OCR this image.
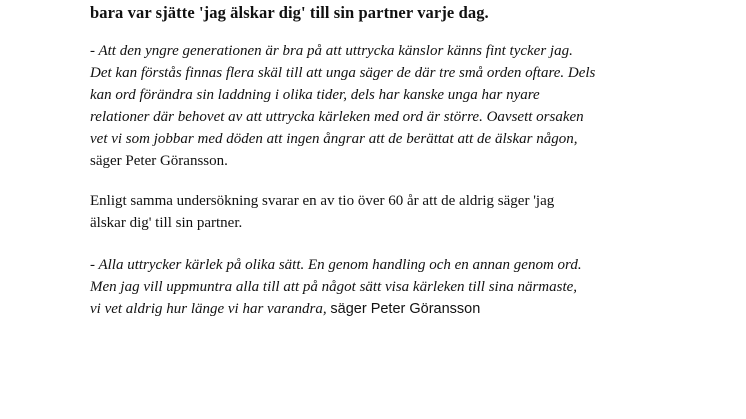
bara var sjätte 'jag älskar dig' till sin partner varje dag.

- Att den yngre generationen är bra på att uttrycka känslor känns fint tycker jag.
Det kan förstås finnas flera skäl till att unga säger de där tre små orden oftare. Dels
kan ord förändra sin laddning i olika tider, dels har kanske unga har nyare
relationer där behovet av att uttrycka kärleken med ord är större. Oavsett orsaken
vet vi som jobbar med döden att ingen ångrar att de berättat att de älskar någon,
säger Peter Göransson.

Enligt samma undersökning svarar en av tio över 60 år att de aldrig säger 'jag
älskar dig' till sin partner.

- Alla uttrycker kärlek på olika sätt. En genom handling och en annan genom ord.
Men jag vill uppmuntra alla till att på något sätt visa kärleken till sina närmaste,
vi vet aldrig hur länge vi har varandra, säger Peter Göransson
